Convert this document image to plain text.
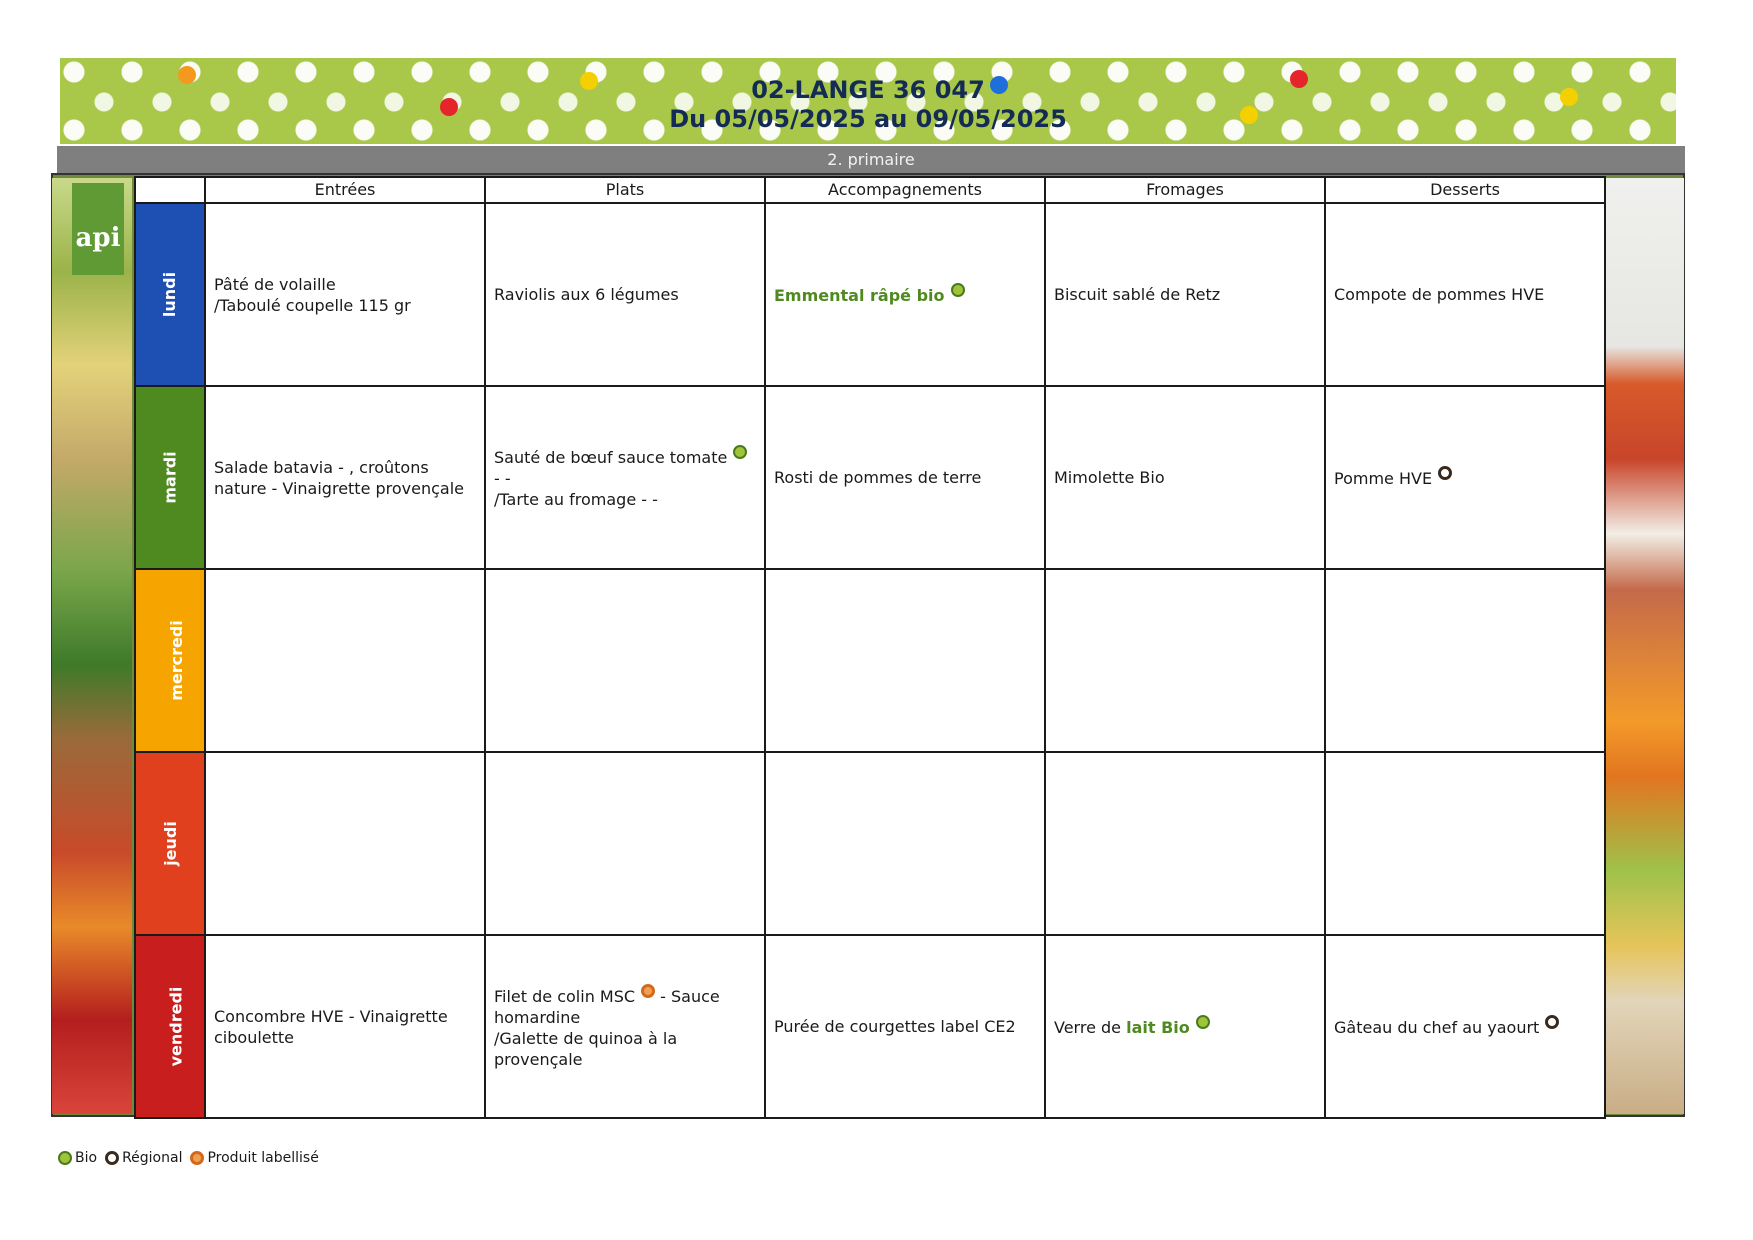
02-LANGE 36 047
Du 05/05/2025 au 09/05/2025
2. primaire
api
	Entrées	Plats	Accompagnements	Fromages	Desserts
lundi	Pâté de volaille
/Taboulé coupelle 115 gr	Raviolis aux 6 légumes	Emmental râpé bio	Biscuit sablé de Retz	Compote de pommes HVE

mardi	Salade batavia - , croûtons
nature - Vinaigrette provençale	Sauté de bœuf sauce tomate
- -
/Tarte au fromage - -	Rosti de pommes de terre	Mimolette Bio	Pomme HVE
mercredi					
jeudi					
vendredi	Concombre HVE - Vinaigrette
ciboulette	Filet de colin MSC - Sauce
homardine
/Galette de quinoa à la
provençale	Purée de courgettes label CE2	Verre de lait Bio	Gâteau du chef au yaourt
Bio Régional Produit labellisé
